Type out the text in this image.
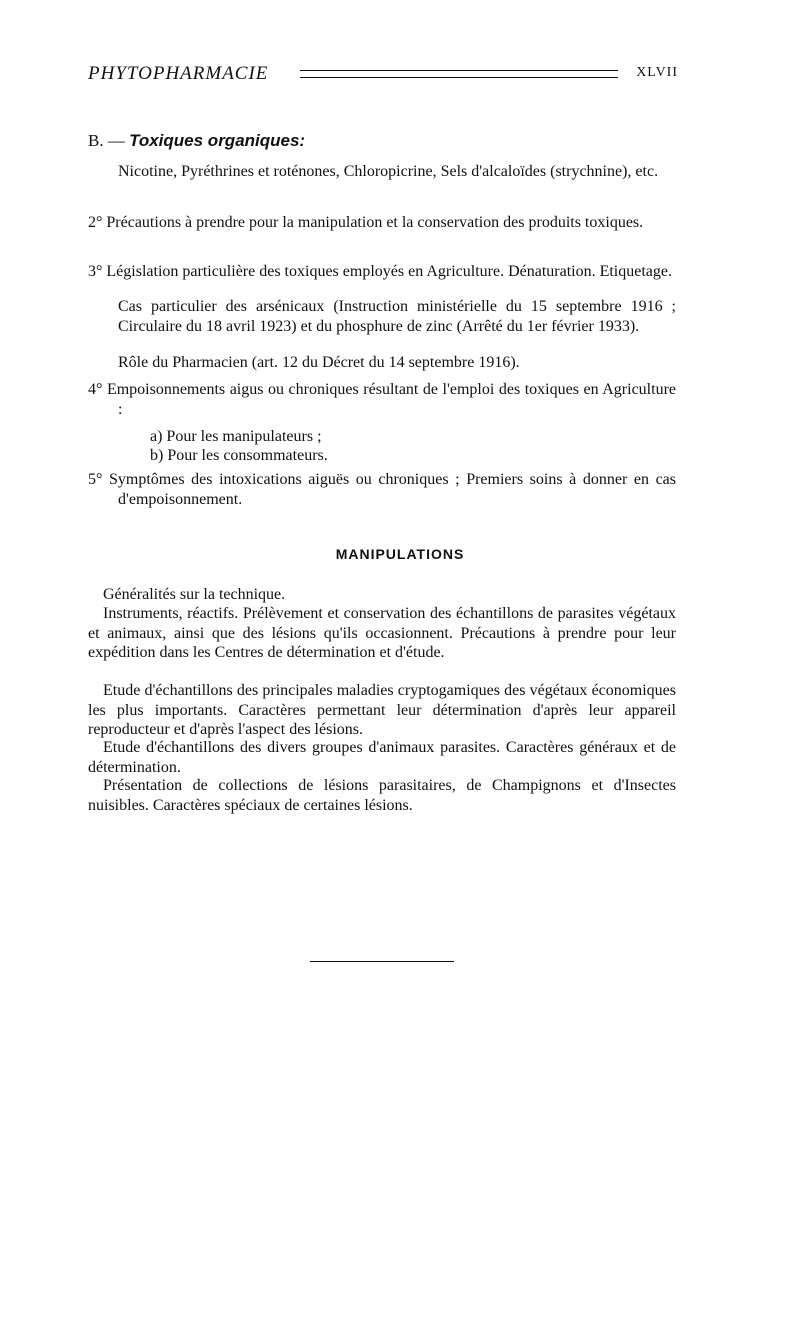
PHYTOPHARMACIE	XLVII
B. — Toxiques organiques:
Nicotine, Pyréthrines et roténones, Chloropicrine, Sels d'alcaloïdes (strychnine), etc.
2° Précautions à prendre pour la manipulation et la conservation des produits toxiques.
3° Législation particulière des toxiques employés en Agriculture. Dénaturation. Etiquetage.
Cas particulier des arsénicaux (Instruction ministérielle du 15 septembre 1916 ; Circulaire du 18 avril 1923) et du phosphure de zinc (Arrêté du 1er février 1933).
Rôle du Pharmacien (art. 12 du Décret du 14 septembre 1916).
4° Empoisonnements aigus ou chroniques résultant de l'emploi des toxiques en Agriculture :
a) Pour les manipulateurs ;
b) Pour les consommateurs.
5° Symptômes des intoxications aiguës ou chroniques ; Premiers soins à donner en cas d'empoisonnement.
MANIPULATIONS
Généralités sur la technique.
Instruments, réactifs. Prélèvement et conservation des échantillons de parasites végétaux et animaux, ainsi que des lésions qu'ils occasionnent. Précautions à prendre pour leur expédition dans les Centres de détermination et d'étude.
Etude d'échantillons des principales maladies cryptogamiques des végétaux économiques les plus importants. Caractères permettant leur détermination d'après leur appareil reproducteur et d'après l'aspect des lésions.
Etude d'échantillons des divers groupes d'animaux parasites. Caractères généraux et de détermination.
Présentation de collections de lésions parasitaires, de Champignons et d'Insectes nuisibles. Caractères spéciaux de certaines lésions.
